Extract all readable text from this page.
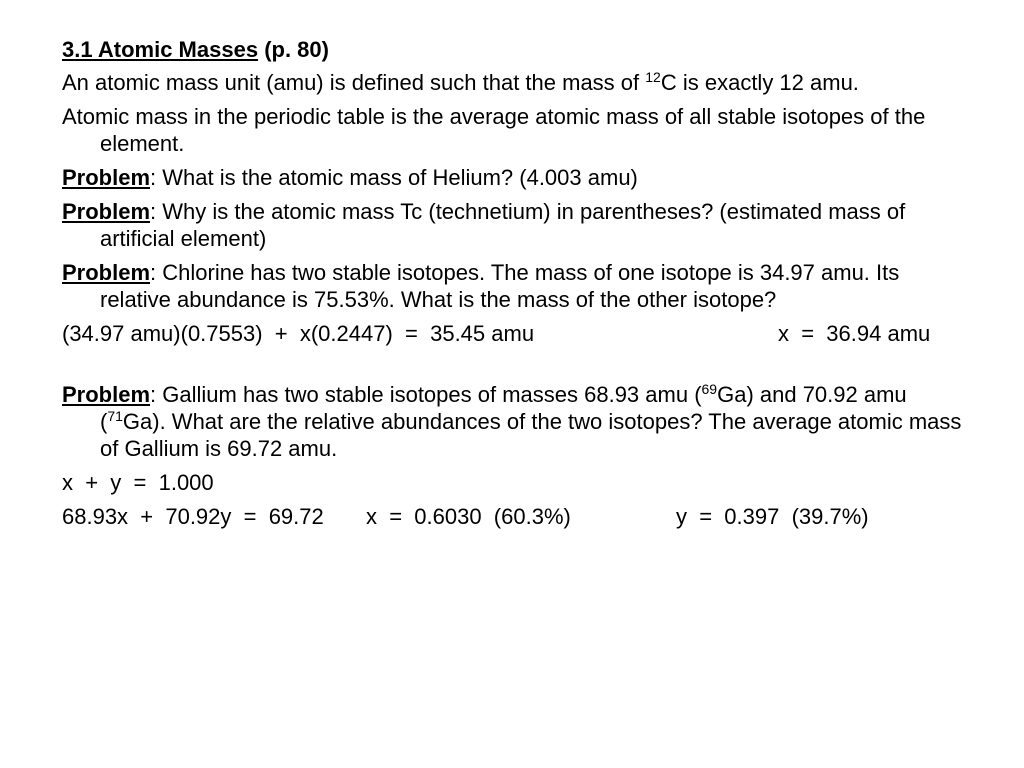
3.1 Atomic Masses (p. 80)
An atomic mass unit (amu) is defined such that the mass of $^{12}$C is exactly 12 amu.
Atomic mass in the periodic table is the average atomic mass of all stable isotopes of the element.
Problem: What is the atomic mass of Helium? (4.003 amu)
Problem: Why is the atomic mass Tc (technetium) in parentheses? (estimated mass of artificial element)
Problem: Chlorine has two stable isotopes. The mass of one isotope is 34.97 amu. Its relative abundance is 75.53%. What is the mass of the other isotope?
(34.97 amu)(0.7553)  +  x(0.2447)  =  35.45 amu	x  =  36.94 amu
Problem: Gallium has two stable isotopes of masses 68.93 amu ($^{69}$Ga) and 70.92 amu ($^{71}$Ga). What are the relative abundances of the two isotopes? The average atomic mass of Gallium is 69.72 amu.
x  +  y  =  1.000
68.93x  +  70.92y  =  69.72 x  =  0.6030  (60.3%)	y  =  0.397  (39.7%)
